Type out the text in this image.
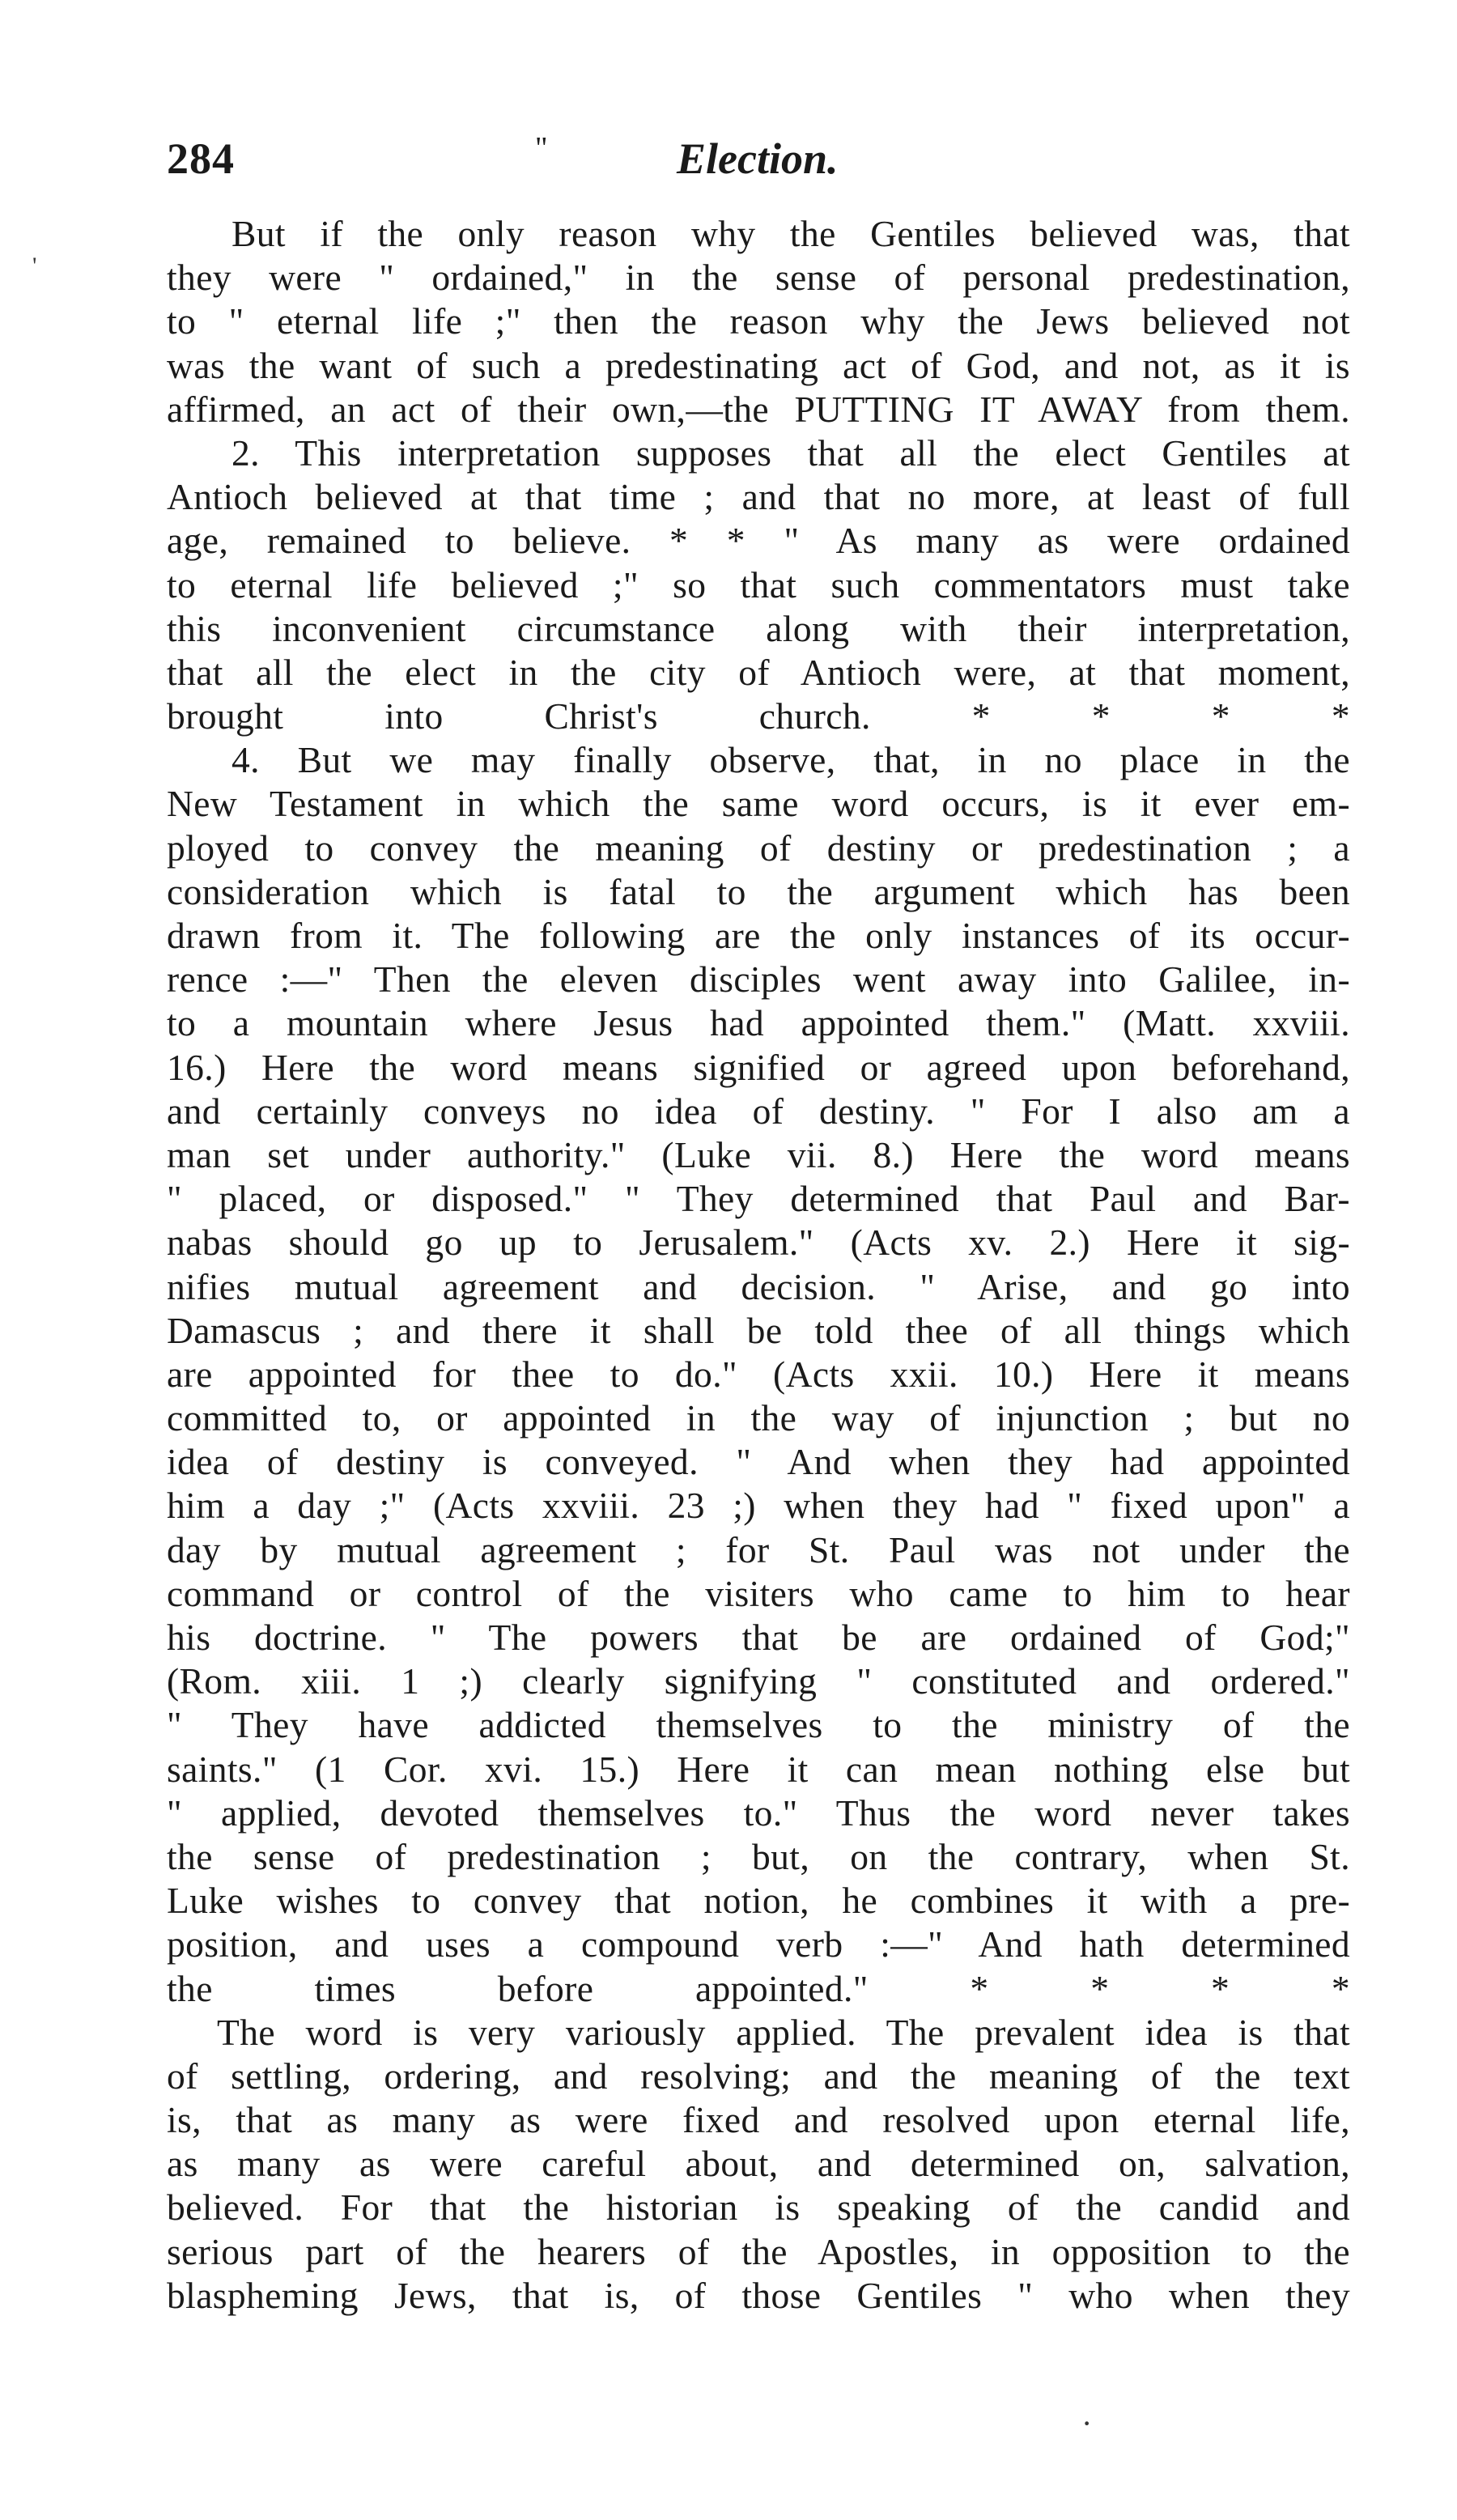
284	"	Election.
'
·
But if the only reason why the Gentiles believed was, that
they were " ordained," in the sense of personal predestination,
to " eternal life ;" then the reason why the Jews believed not
was the want of such a predestinating act of God, and not, as it is
affirmed, an act of their own,—the PUTTING IT AWAY from them.
2. This interpretation supposes that all the elect Gentiles at
Antioch believed at that time ; and that no more, at least of full
age, remained to believe. * * " As many as were ordained
to eternal life believed ;" so that such commentators must take
this inconvenient circumstance along with their interpretation,
that all the elect in the city of Antioch were, at that moment,
brought into Christ's church. * * * *
4. But we may finally observe, that, in no place in the
New Testament in which the same word occurs, is it ever em-
ployed to convey the meaning of destiny or predestination ; a
consideration which is fatal to the argument which has been
drawn from it. The following are the only instances of its occur-
rence :—" Then the eleven disciples went away into Galilee, in-
to a mountain where Jesus had appointed them." (Matt. xxviii.
16.) Here the word means signified or agreed upon beforehand,
and certainly conveys no idea of destiny. " For I also am a
man set under authority." (Luke vii. 8.) Here the word means
" placed, or disposed." " They determined that Paul and Bar-
nabas should go up to Jerusalem." (Acts xv. 2.) Here it sig-
nifies mutual agreement and decision. " Arise, and go into
Damascus ; and there it shall be told thee of all things which
are appointed for thee to do." (Acts xxii. 10.) Here it means
committed to, or appointed in the way of injunction ; but no
idea of destiny is conveyed. " And when they had appointed
him a day ;" (Acts xxviii. 23 ;) when they had " fixed upon" a
day by mutual agreement ; for St. Paul was not under the
command or control of the visiters who came to him to hear
his doctrine. " The powers that be are ordained of God;"
(Rom. xiii. 1 ;) clearly signifying " constituted and ordered."
" They have addicted themselves to the ministry of the
saints." (1 Cor. xvi. 15.) Here it can mean nothing else but
" applied, devoted themselves to." Thus the word never takes
the sense of predestination ; but, on the contrary, when St.
Luke wishes to convey that notion, he combines it with a pre-
position, and uses a compound verb :—" And hath determined
the times before appointed." * * * *
The word is very variously applied. The prevalent idea is that
of settling, ordering, and resolving; and the meaning of the text
is, that as many as were fixed and resolved upon eternal life,
as many as were careful about, and determined on, salvation,
believed. For that the historian is speaking of the candid and
serious part of the hearers of the Apostles, in opposition to the
blaspheming Jews, that is, of those Gentiles " who when they
